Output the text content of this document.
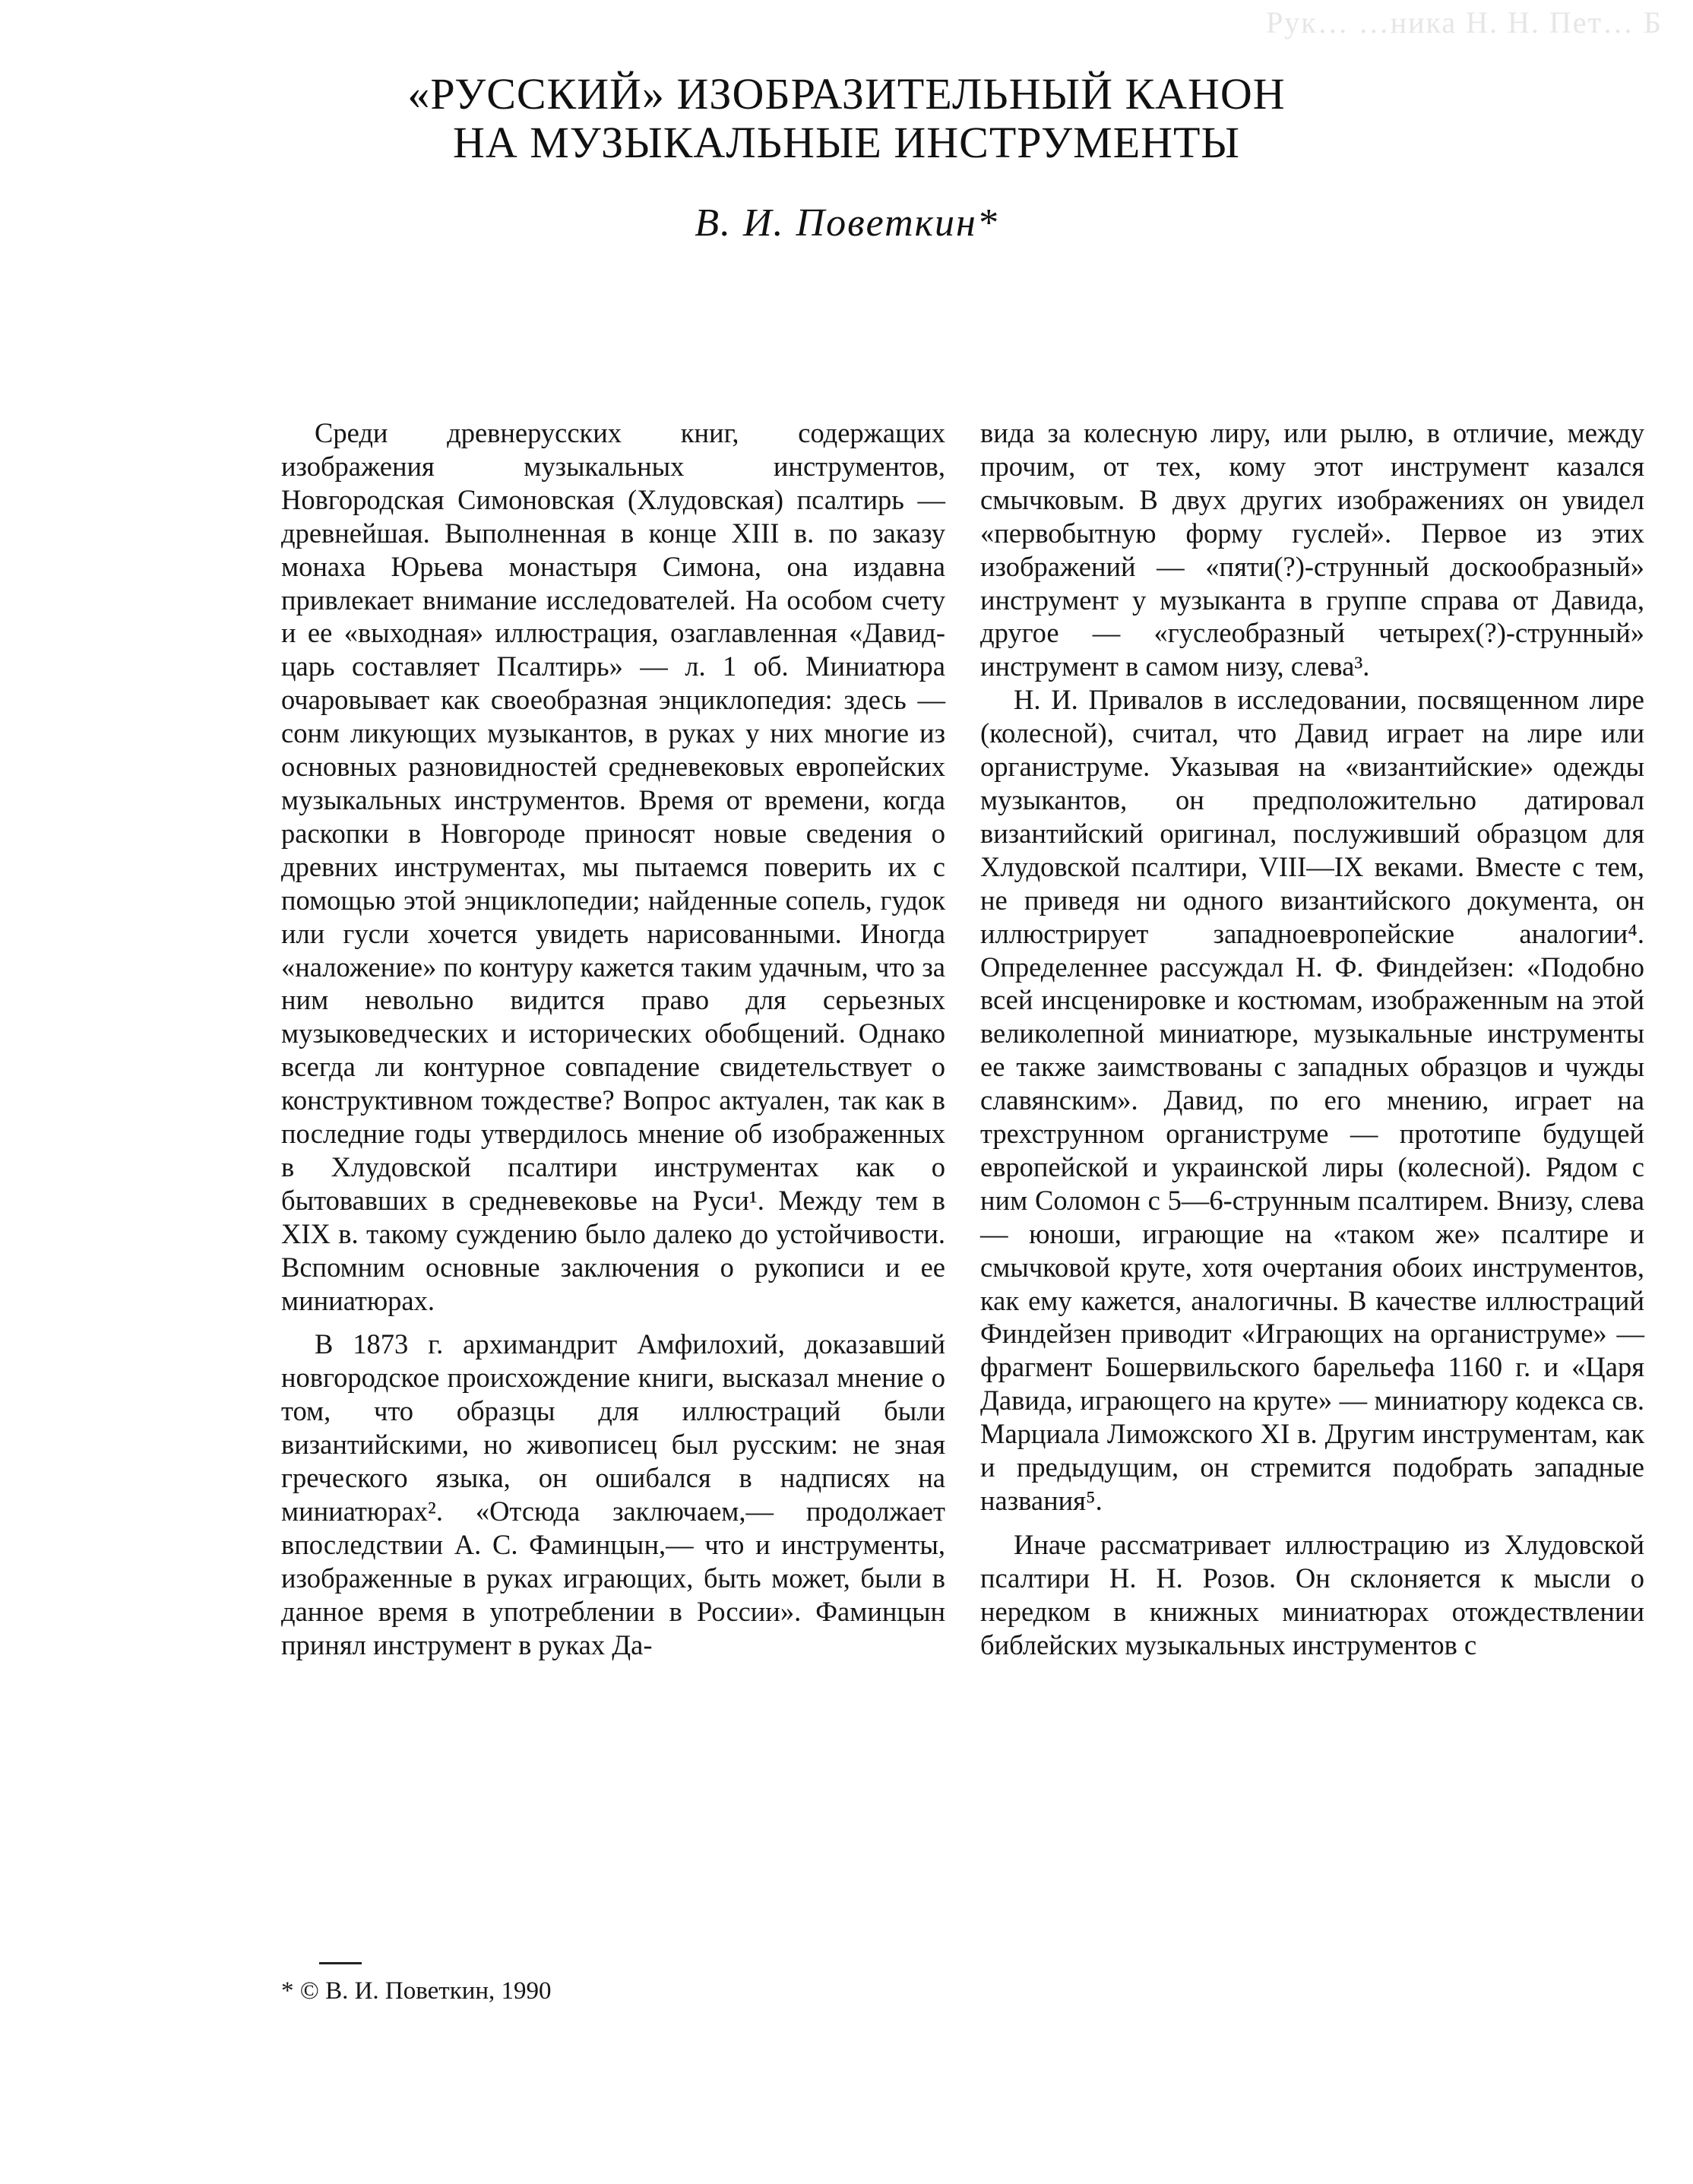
Рук… …ника Н. Н. Пет… Б
«РУССКИЙ» ИЗОБРАЗИТЕЛЬНЫЙ КАНОН
НА МУЗЫКАЛЬНЫЕ ИНСТРУМЕНТЫ
В. И. Поветкин*

Среди древнерусских книг, содержащих изображения музыкальных инструментов, Новгородская Симоновская (Хлудовская) псалтирь — древнейшая. Выполненная в конце XIII в. по заказу монаха Юрьева монастыря Симона, она издавна привлекает внимание исследователей. На особом счету и ее «выходная» иллюстрация, озаглавленная «Давид-царь составляет Псалтирь» — л. 1 об. Миниатюра очаровывает как своеобразная энциклопедия: здесь — сонм ликующих музыкантов, в руках у них многие из основных разновидностей средневековых европейских музыкальных инструментов. Время от времени, когда раскопки в Новгороде приносят новые сведения о древних инструментах, мы пытаемся поверить их с помощью этой энциклопедии; найденные сопель, гудок или гусли хочется увидеть нарисованными. Иногда «наложение» по контуру кажется таким удачным, что за ним невольно видится право для серьезных музыковедческих и исторических обобщений. Однако всегда ли контурное совпадение свидетельствует о конструктивном тождестве? Вопрос актуален, так как в последние годы утвердилось мнение об изображенных в Хлудовской псалтири инструментах как о бытовавших в средневековье на Руси¹. Между тем в XIX в. такому суждению было далеко до устойчивости. Вспомним основные заключения о рукописи и ее миниатюрах.

В 1873 г. архимандрит Амфилохий, доказавший новгородское происхождение книги, высказал мнение о том, что образцы для иллюстраций были византийскими, но живописец был русским: не зная греческого языка, он ошибался в надписях на миниатюрах². «Отсюда заключаем,— продолжает впоследствии А. С. Фаминцын,— что и инструменты, изображенные в руках играющих, быть может, были в данное время в употреблении в России». Фаминцын принял инструмент в руках Да-

вида за колесную лиру, или рылю, в отличие, между прочим, от тех, кому этот инструмент казался смычковым. В двух других изображениях он увидел «первобытную форму гуслей». Первое из этих изображений — «пяти(?)-струнный доскообразный» инструмент у музыканта в группе справа от Давида, другое — «гуслеобразный четырех(?)-струнный» инструмент в самом низу, слева³.

Н. И. Привалов в исследовании, посвященном лире (колесной), считал, что Давид играет на лире или органиструме. Указывая на «византийские» одежды музыкантов, он предположительно датировал византийский оригинал, послуживший образцом для Хлудовской псалтири, VIII—IX веками. Вместе с тем, не приведя ни одного византийского документа, он иллюстрирует западноевропейские аналогии⁴. Определеннее рассуждал Н. Ф. Финдейзен: «Подобно всей инсценировке и костюмам, изображенным на этой великолепной миниатюре, музыкальные инструменты ее также заимствованы с западных образцов и чужды славянским». Давид, по его мнению, играет на трехструнном органиструме — прототипе будущей европейской и украинской лиры (колесной). Рядом с ним Соломон с 5—6-струнным псалтирем. Внизу, слева — юноши, играющие на «таком же» псалтире и смычковой круте, хотя очертания обоих инструментов, как ему кажется, аналогичны. В качестве иллюстраций Финдейзен приводит «Играющих на органиструме» — фрагмент Бошервильского барельефа 1160 г. и «Царя Давида, играющего на круте» — миниатюру кодекса св. Марциала Лиможского XI в. Другим инструментам, как и предыдущим, он стремится подобрать западные названия⁵.

Иначе рассматривает иллюстрацию из Хлудовской псалтири Н. Н. Розов. Он склоняется к мысли о нередком в книжных миниатюрах отождествлении библейских музыкальных инструментов с

* © В. И. Поветкин, 1990
